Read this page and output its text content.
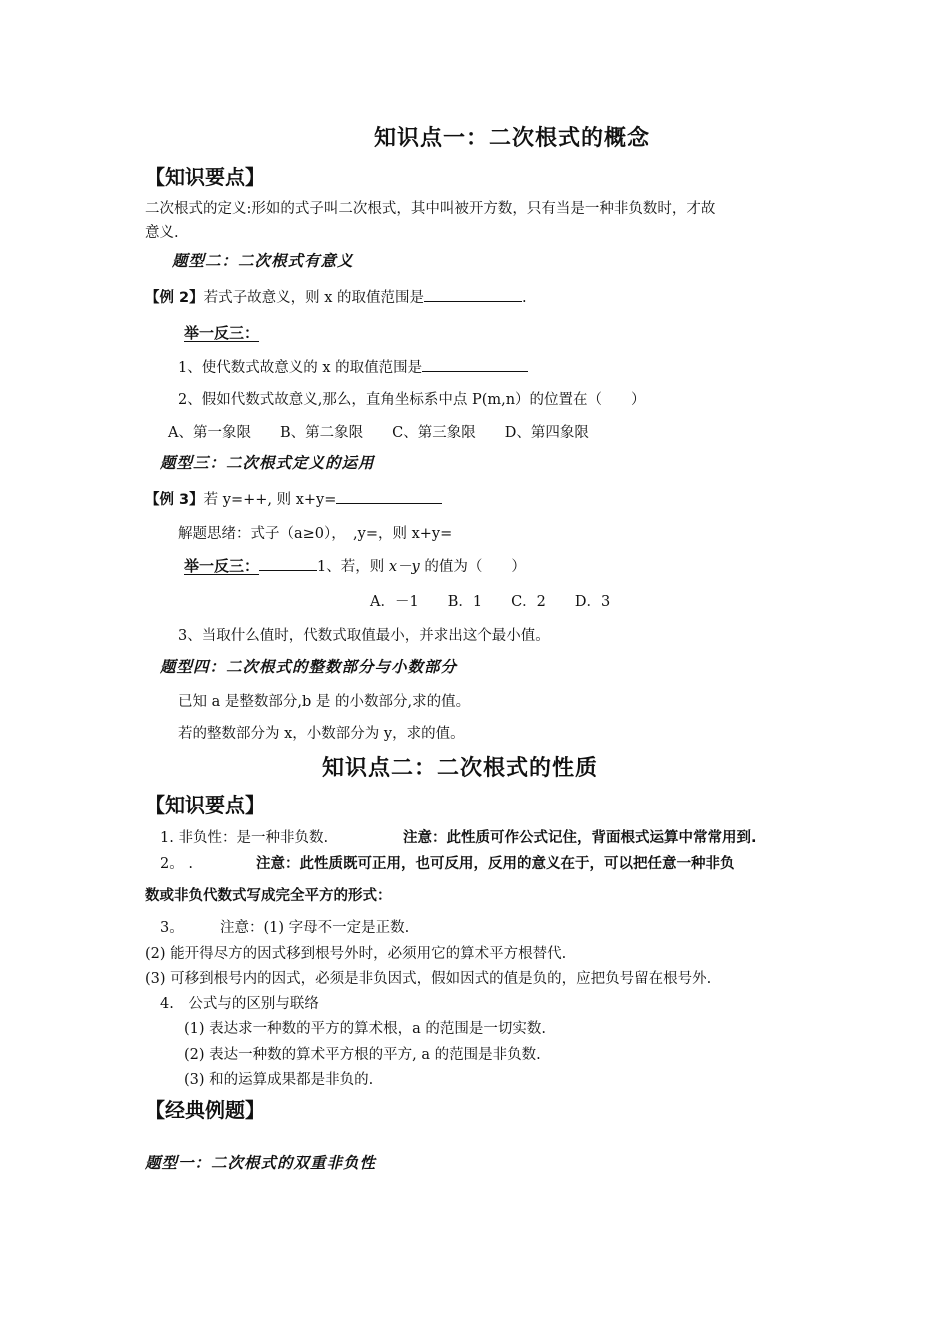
知识点一：二次根式的概念
【知识要点】
二次根式的定义:形如的式子叫二次根式，其中叫被开方数，只有当是一种非负数时，才故
意义.
题型二：二次根式有意义
【例 2】若式子故意义，则 x 的取值范围是	.
举一反三：
1、使代数式故意义的 x 的取值范围是
2、假如代数式故意义,那么，直角坐标系中点 P(m,n）的位置在（　　）
A、第一象限　　B、第二象限　　C、第三象限　　D、第四象限
题型三：二次根式定义的运用
【例 3】若 y=++, 则 x+y=
解题思绪：式子（a≥0），　,y=，则 x+y=
举一反三：	1、若，则 x－y 的值为（　　）
A．－1　　B．1　　C．2　　D．3
3、当取什么值时，代数式取值最小，并求出这个最小值。
题型四：二次根式的整数部分与小数部分
已知 a 是整数部分,b 是 的小数部分,求的值。
若的整数部分为 x，小数部分为 y，求的值。
知识点二：二次根式的性质
【知识要点】
1. 非负性：是一种非负数.	注意：此性质可作公式记住，背面根式运算中常常用到.
2。 .	注意：此性质既可正用，也可反用，反用的意义在于，可以把任意一种非负
数或非负代数式写成完全平方的形式：
3。　　　注意：(1) 字母不一定是正数.
(2) 能开得尽方的因式移到根号外时，必须用它的算术平方根替代.
(3) 可移到根号内的因式，必须是非负因式，假如因式的值是负的，应把负号留在根号外.
4.　公式与的区别与联络
(1) 表达求一种数的平方的算术根，a 的范围是一切实数.
(2) 表达一种数的算术平方根的平方, a 的范围是非负数.
(3) 和的运算成果都是非负的.
【经典例题】
题型一：二次根式的双重非负性
